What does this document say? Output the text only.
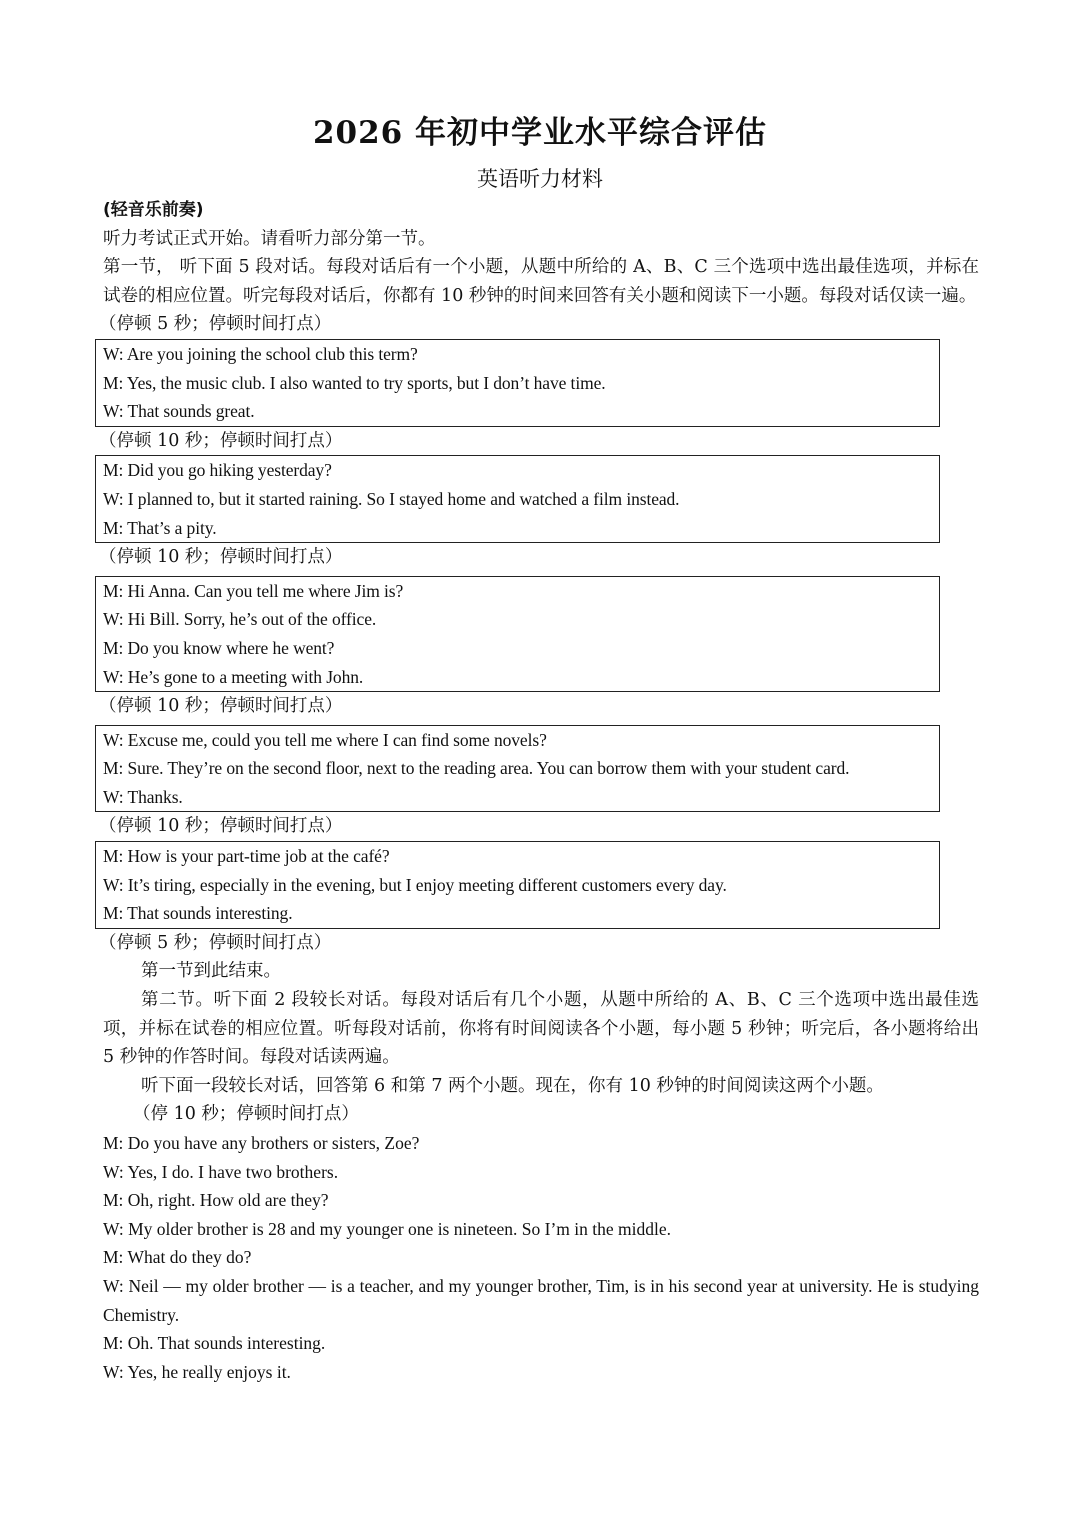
2026 年初中学业水平综合评估
英语听力材料
(轻音乐前奏)
听力考试正式开始。请看听力部分第一节。
第一节， 听下面 5 段对话。每段对话后有一个小题，从题中所给的 A、B、C 三个选项中选出最佳选项，并标在试卷的相应位置。听完每段对话后，你都有 10 秒钟的时间来回答有关小题和阅读下一小题。每段对话仅读一遍。
（停顿 5 秒；停顿时间打点）
W: Are you joining the school club this term?
M: Yes, the music club. I also wanted to try sports, but I don’t have time.
W: That sounds great.
（停顿 10 秒；停顿时间打点）
M: Did you go hiking yesterday?
W: I planned to, but it started raining. So I stayed home and watched a film instead.
M: That’s a pity.
（停顿 10 秒；停顿时间打点）
M: Hi Anna. Can you tell me where Jim is?
W: Hi Bill. Sorry, he’s out of the office.
M: Do you know where he went?
W: He’s gone to a meeting with John.
（停顿 10 秒；停顿时间打点）
W: Excuse me, could you tell me where I can find some novels?
M: Sure. They’re on the second floor, next to the reading area. You can borrow them with your student card.
W: Thanks.
（停顿 10 秒；停顿时间打点）
M: How is your part-time job at the café?
W: It’s tiring, especially in the evening, but I enjoy meeting different customers every day.
M: That sounds interesting.
（停顿 5 秒；停顿时间打点）
第一节到此结束。
第二节。听下面 2 段较长对话。每段对话后有几个小题，从题中所给的 A、B、C 三个选项中选出最佳选项，并标在试卷的相应位置。听每段对话前，你将有时间阅读各个小题，每小题 5 秒钟；听完后，各小题将给出 5 秒钟的作答时间。每段对话读两遍。
听下面一段较长对话，回答第 6 和第 7 两个小题。现在，你有 10 秒钟的时间阅读这两个小题。
（停 10 秒；停顿时间打点）
M: Do you have any brothers or sisters, Zoe?
W: Yes, I do. I have two brothers.
M: Oh, right. How old are they?
W: My older brother is 28 and my younger one is nineteen. So I’m in the middle.
M: What do they do?
W: Neil — my older brother — is a teacher, and my younger brother, Tim, is in his second year at university. He is studying Chemistry.
M: Oh. That sounds interesting.
W: Yes, he really enjoys it.
